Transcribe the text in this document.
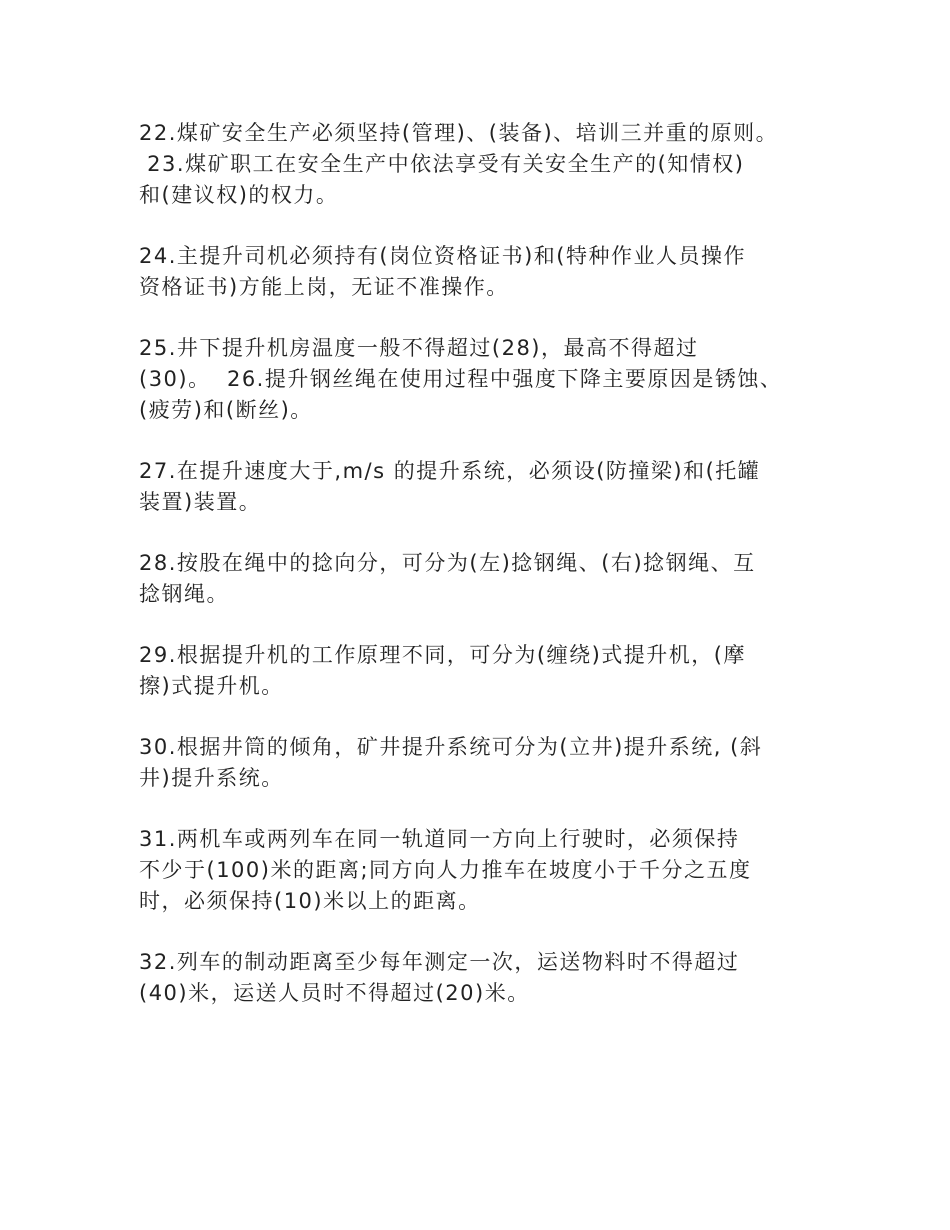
22.煤矿安全生产必须坚持(管理)、(装备)、培训三并重的原则。
23.煤矿职工在安全生产中依法享受有关安全生产的(知情权)
和(建议权)的权力。

24.主提升司机必须持有(岗位资格证书)和(特种作业人员操作
资格证书)方能上岗，无证不准操作。

25.井下提升机房温度一般不得超过(28)，最高不得超过
(30)。  26.提升钢丝绳在使用过程中强度下降主要原因是锈蚀、
(疲劳)和(断丝)。

27.在提升速度大于,m/s 的提升系统，必须设(防撞梁)和(托罐
装置)装置。

28.按股在绳中的捻向分，可分为(左)捻钢绳、(右)捻钢绳、互
捻钢绳。

29.根据提升机的工作原理不同，可分为(缠绕)式提升机，(摩
擦)式提升机。

30.根据井筒的倾角，矿井提升系统可分为(立井)提升系统, (斜
井)提升系统。

31.两机车或两列车在同一轨道同一方向上行驶时，必须保持
不少于(100)米的距离;同方向人力推车在坡度小于千分之五度
时，必须保持(10)米以上的距离。

32.列车的制动距离至少每年测定一次，运送物料时不得超过
(40)米，运送人员时不得超过(20)米。
